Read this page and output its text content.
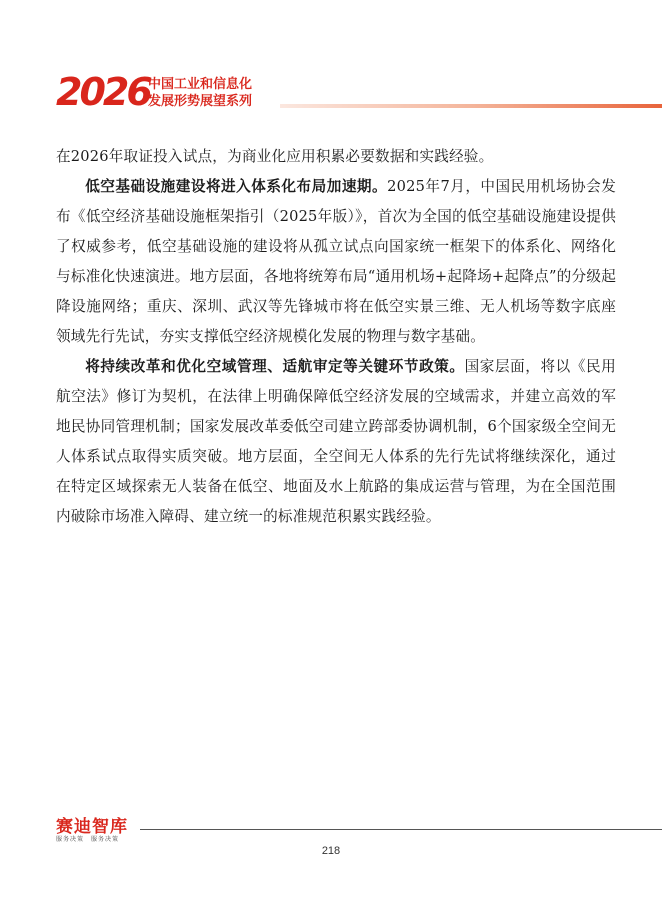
2026
中国工业和信息化
发展形势展望系列

在2026年取证投入试点，为商业化应用积累必要数据和实践经验。

低空基础设施建设将进入体系化布局加速期。2025年7月，中国民用机场协会发布《低空经济基础设施框架指引（2025年版）》，首次为全国的低空基础设施建设提供了权威参考，低空基础设施的建设将从孤立试点向国家统一框架下的体系化、网络化与标准化快速演进。地方层面，各地将统筹布局“通用机场+起降场+起降点”的分级起降设施网络；重庆、深圳、武汉等先锋城市将在低空实景三维、无人机场等数字底座领域先行先试，夯实支撑低空经济规模化发展的物理与数字基础。

将持续改革和优化空域管理、适航审定等关键环节政策。国家层面，将以《民用航空法》修订为契机，在法律上明确保障低空经济发展的空域需求，并建立高效的军地民协同管理机制；国家发展改革委低空司建立跨部委协调机制，6个国家级全空间无人体系试点取得实质突破。地方层面，全空间无人体系的先行先试将继续深化，通过在特定区域探索无人装备在低空、地面及水上航路的集成运营与管理，为在全国范围内破除市场准入障碍、建立统一的标准规范积累实践经验。

赛迪智库
服务决策　服务决策
218
